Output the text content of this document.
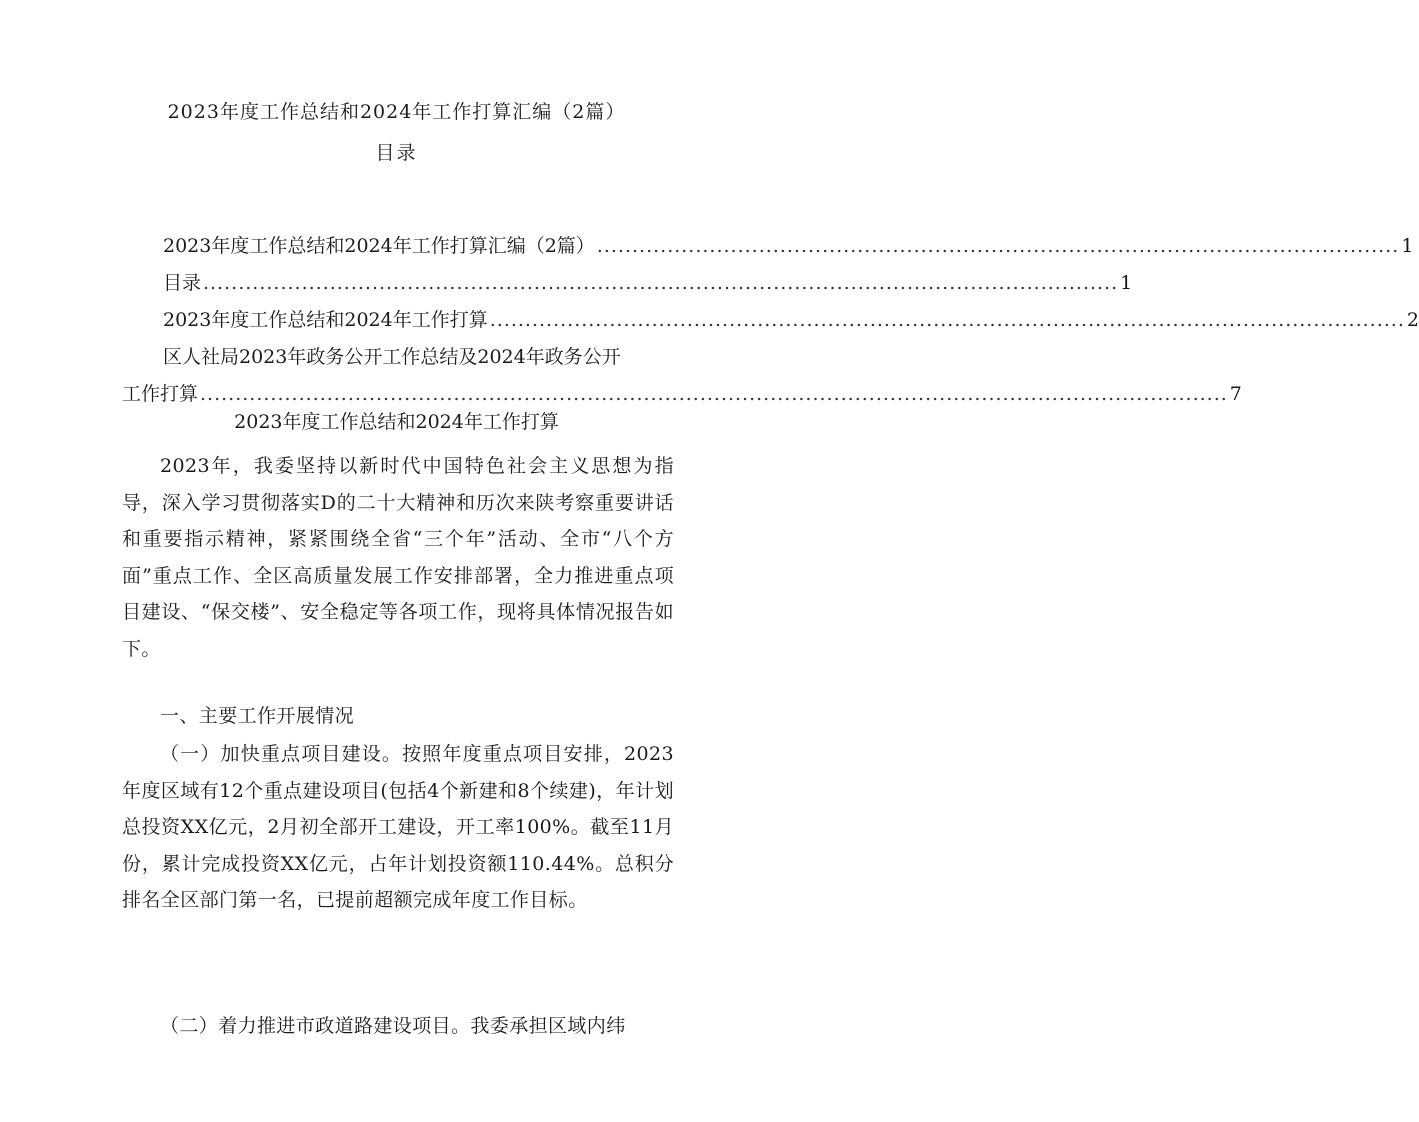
2023年度工作总结和2024年工作打算汇编（2篇）
目录
2023年度工作总结和2024年工作打算汇编（2篇） .................................................................................................................. 1
目录 .................................................................................................................................. 1
2023年度工作总结和2024年工作打算 .................................................................................................................................. 2
区人社局2023年政务公开工作总结及2024年政务公开
工作打算 .................................................................................................................................................. 7
2023年度工作总结和2024年工作打算
2023年，我委坚持以新时代中国特色社会主义思想为指导，深入学习贯彻落实D的二十大精神和历次来陕考察重要讲话和重要指示精神，紧紧围绕全省“三个年”活动、全市“八个方面”重点工作、全区高质量发展工作安排部署，全力推进重点项目建设、“保交楼”、安全稳定等各项工作，现将具体情况报告如下。
一、主要工作开展情况
（一）加快重点项目建设。按照年度重点项目安排，2023年度区域有12个重点建设项目(包括4个新建和8个续建)，年计划总投资XX亿元，2月初全部开工建设，开工率100%。截至11月份，累计完成投资XX亿元，占年计划投资额110.44%。总积分排名全区部门第一名，已提前超额完成年度工作目标。
（二）着力推进市政道路建设项目。我委承担区域内纬
